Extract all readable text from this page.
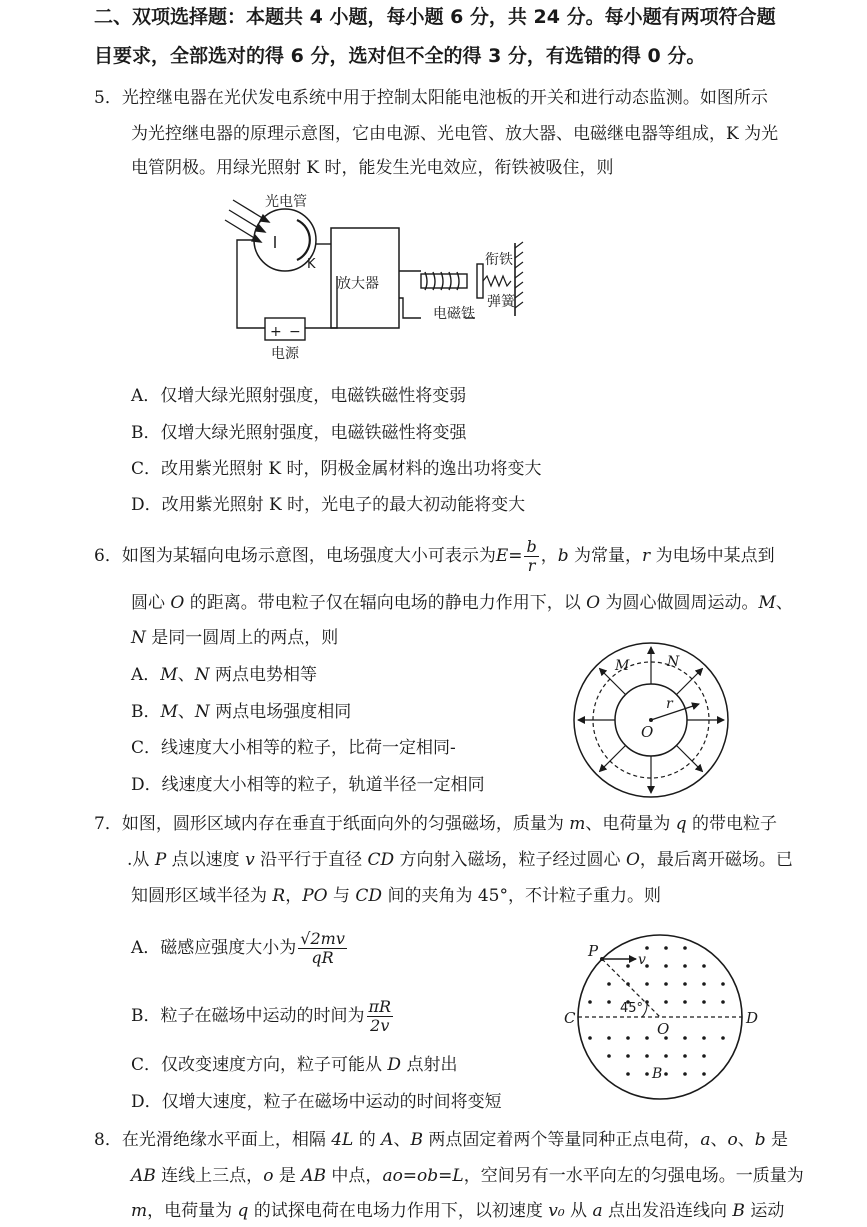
二、双项选择题：本题共 4 小题，每小题 6 分，共 24 分。每小题有两项符合题
目要求，全部选对的得 6 分，选对但不全的得 3 分，有选错的得 0 分。
5．光控继电器在光伏发电系统中用于控制太阳能电池板的开关和进行动态监测。如图所示
为光控继电器的原理示意图，它由电源、光电管、放大器、电磁继电器等组成，K 为光
电管阴极。用绿光照射 K 时，能发生光电效应，衔铁被吸住，则
光电管
K
放大器
电磁铁
衔铁
弹簧
+ −
电源
A．仅增大绿光照射强度，电磁铁磁性将变弱
B．仅增大绿光照射强度，电磁铁磁性将变强
C．改用紫光照射 K 时，阴极金属材料的逸出功将变大
D．改用紫光照射 K 时，光电子的最大初动能将变大
6．如图为某辐向电场示意图，电场强度大小可表示为$E= \frac{b}{r}$ ，b 为常量，r 为电场中某点到
圆心 O 的距离。带电粒子仅在辐向电场的静电力作用下，以 O 为圆心做圆周运动。M、
N 是同一圆周上的两点，则
A．M、N 两点电势相等
B．M、N 两点电场强度相同
C．线速度大小相等的粒子，比荷一定相同-
D．线速度大小相等的粒子，轨道半径一定相同
M	N
r
O
7．如图，圆形区域内存在垂直于纸面向外的匀强磁场，质量为 m、电荷量为 q 的带电粒子
.从 P 点以速度 v 沿平行于直径 CD 方向射入磁场，粒子经过圆心 O，最后离开磁场。已
知圆形区域半径为 R，PO 与 CD 间的夹角为 45°，不计粒子重力。则
A．磁感应强度大小为 $\frac{√2mv}{qR}$
B．粒子在磁场中运动的时间为 $\frac{\pi R}{2v}$
C．仅改变速度方向，粒子可能从 D 点射出
D．仅增大速度，粒子在磁场中运动的时间将变短
P	v
45°
C
O
D
B
8．在光滑绝缘水平面上，相隔 4L 的 A、B 两点固定着两个等量同种正点电荷，a、o、b 是
AB 连线上三点，o 是 AB 中点，ao=ob=L，空间另有一水平向左的匀强电场。一质量为
m，电荷量为 q 的试探电荷在电场力作用下，以初速度 v₀ 从 a 点出发沿连线向 B 运动
